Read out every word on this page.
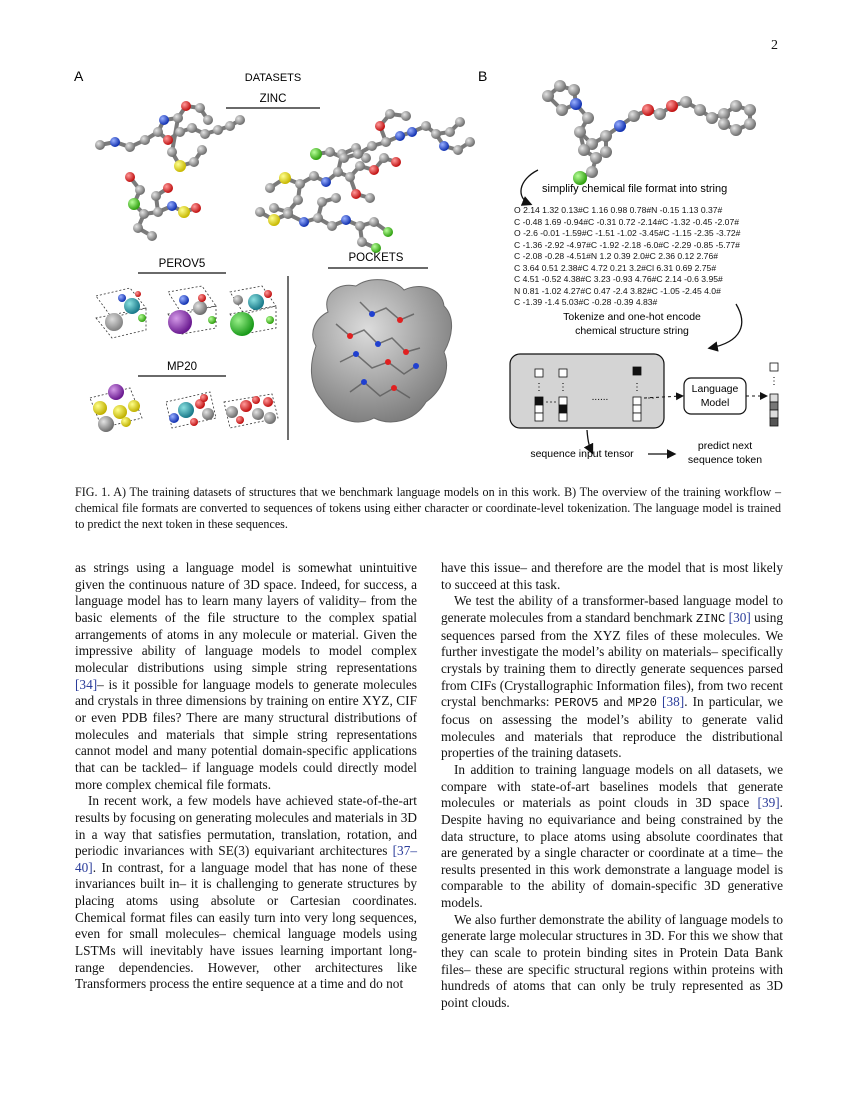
2
A	B
DATASETS
ZINC
PEROV5
MP20
POCKETS
simplify chemical file format into string
Tokenize and one-hot encode
chemical structure string
⋮ ⋮	⋮
......
Language
Model
⋮
sequence input tensor
predict next
sequence token
O 2.14 1.32 0.13#C 1.16 0.98 0.78#N -0.15 1.13 0.37#
C -0.48 1.69 -0.94#C -0.31 0.72 -2.14#C -1.32 -0.45 -2.07#
O -2.6 -0.01 -1.59#C -1.51 -1.02 -3.45#C -1.15 -2.35 -3.72#
C -1.36 -2.92 -4.97#C -1.92 -2.18 -6.0#C -2.29 -0.85 -5.77#
C -2.08 -0.28 -4.51#N 1.2 0.39 2.0#C 2.36 0.12 2.76#
C 3.64 0.51 2.38#C 4.72 0.21 3.2#Cl 6.31 0.69 2.75#
C 4.51 -0.52 4.38#C 3.23 -0.93 4.76#C 2.14 -0.6 3.95#
N 0.81 -1.02 4.27#C 0.47 -2.4 3.82#C -1.05 -2.45 4.0#
C -1.39 -1.4 5.03#C -0.28 -0.39 4.83#
FIG. 1. A) The training datasets of structures that we benchmark language models on in this work. B) The overview of the training workflow – chemical file formats are converted to sequences of tokens using either character or coordinate-level tokenization. The language model is trained to predict the next token in these sequences.

as strings using a language model is somewhat unintuitive given the continuous nature of 3D space. Indeed, for success, a language model has to learn many layers of validity– from the basic elements of the file structure to the complex spatial arrangements of atoms in any molecule or material. Given the impressive ability of language models to model complex molecular distributions using simple string representations [34]– is it possible for language models to generate molecules and crystals in three dimensions by training on entire XYZ, CIF or even PDB files? There are many structural distributions of molecules and materials that simple string representations cannot model and many potential domain-specific applications that can be tackled– if language models could directly model more complex chemical file formats.

In recent work, a few models have achieved state-of-the-art results by focusing on generating molecules and materials in 3D in a way that satisfies permutation, translation, rotation, and periodic invariances with SE(3) equivariant architectures [37–40]. In contrast, for a language model that has none of these invariances built in– it is challenging to generate structures by placing atoms using absolute or Cartesian coordinates. Chemical format files can easily turn into very long sequences, even for small molecules– chemical language models using LSTMs will inevitably have issues learning important long-range dependencies. However, other architectures like Transformers process the entire sequence at a time and do not

have this issue– and therefore are the model that is most likely to succeed at this task.

We test the ability of a transformer-based language model to generate molecules from a standard benchmark ZINC [30] using sequences parsed from the XYZ files of these molecules. We further investigate the model’s ability on materials– specifically crystals by training them to directly generate sequences parsed from CIFs (Crystallographic Information files), from two recent crystal benchmarks: PEROV5 and MP20 [38]. In particular, we focus on assessing the model’s ability to generate valid molecules and materials that reproduce the distributional properties of the training datasets.

In addition to training language models on all datasets, we compare with state-of-art baselines models that generate molecules or materials as point clouds in 3D space [39]. Despite having no equivariance and being constrained by the data structure, to place atoms using absolute coordinates that are generated by a single character or coordinate at a time– the results presented in this work demonstrate a language model is comparable to the ability of domain-specific 3D generative models.

We also further demonstrate the ability of language models to generate large molecular structures in 3D. For this we show that they can scale to protein binding sites in Protein Data Bank files– these are specific structural regions within proteins with hundreds of atoms that can only be truly represented as 3D point clouds.
